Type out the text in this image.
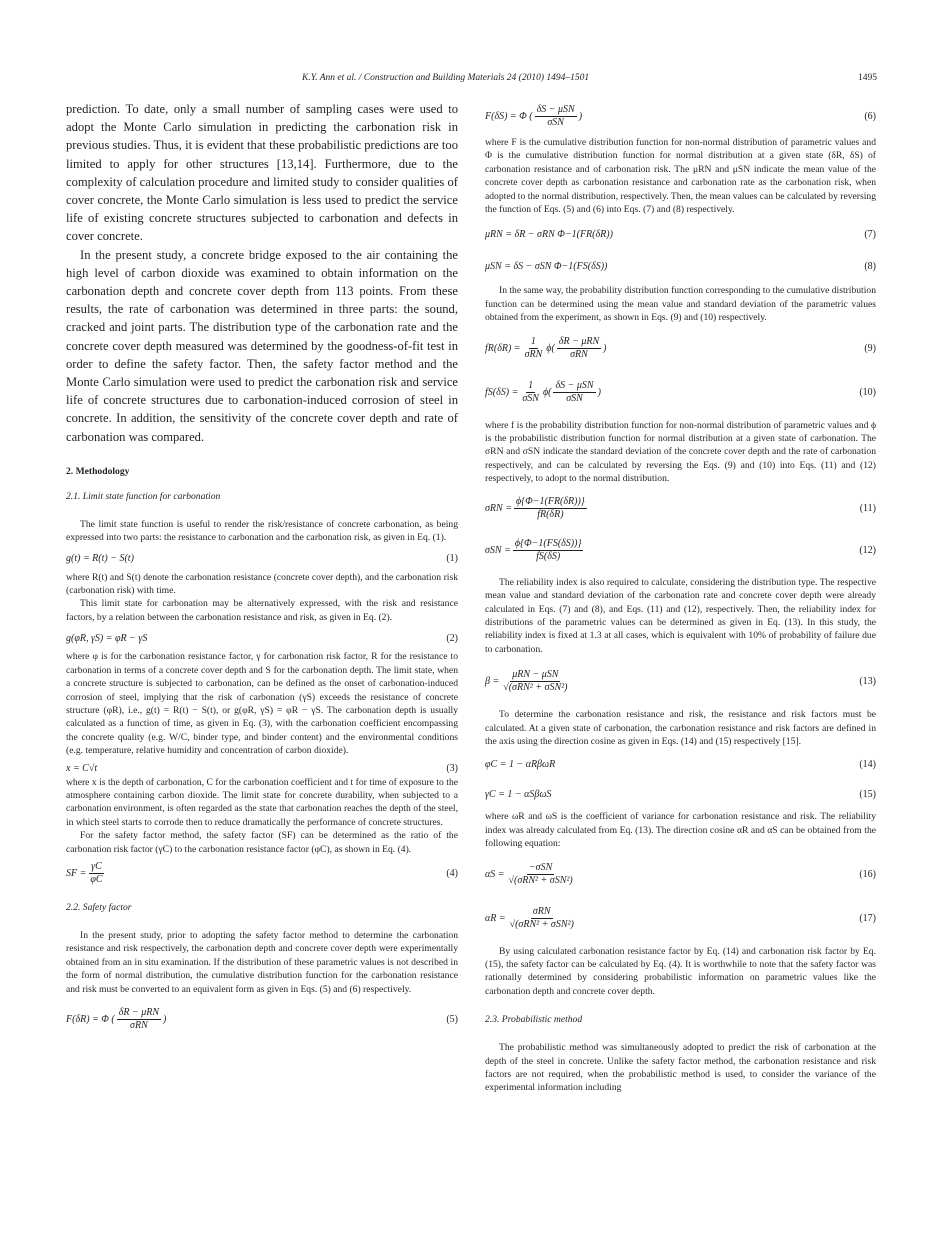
K.Y. Ann et al. / Construction and Building Materials 24 (2010) 1494–1501	1495

prediction. To date, only a small number of sampling cases were used to adopt the Monte Carlo simulation in predicting the carbonation risk in previous studies. Thus, it is evident that these probabilistic predictions are too limited to apply for other structures [13,14]. Furthermore, due to the complexity of calculation procedure and limited study to consider qualities of cover concrete, the Monte Carlo simulation is less used to predict the service life of existing concrete structures subjected to carbonation and defects in cover concrete.

In the present study, a concrete bridge exposed to the air containing the high level of carbon dioxide was examined to obtain information on the carbonation depth and concrete cover depth from 113 points. From these results, the rate of carbonation was determined in three parts: the sound, cracked and joint parts. The distribution type of the carbonation rate and the concrete cover depth measured was determined by the goodness-of-fit test in order to define the safety factor. Then, the safety factor method and the Monte Carlo simulation were used to predict the carbonation risk and service life of concrete structures due to carbonation-induced corrosion of steel in concrete. In addition, the sensitivity of the concrete cover depth and rate of carbonation was compared.

2. Methodology

2.1. Limit state function for carbonation

The limit state function is useful to render the risk/resistance of concrete carbonation, as being expressed into two parts: the resistance to carbonation and the carbonation risk, as given in Eq. (1).

g(t) = R(t) − S(t)	(1)

where R(t) and S(t) denote the carbonation resistance (concrete cover depth), and the carbonation risk (carbonation risk) with time.

This limit state for carbonation may be alternatively expressed, with the risk and resistance factors, by a relation between the carbonation resistance and risk, as given in Eq. (2).

g(φR, γS) = φR − γS	(2)

where φ is for the carbonation resistance factor, γ for carbonation risk factor, R for the resistance to carbonation in terms of a concrete cover depth and S for the carbonation depth. The limit state, when a concrete structure is subjected to carbonation, can be defined as the onset of carbonation-induced corrosion of steel, implying that the risk of carbonation (γS) exceeds the resistance of concrete structure (φR), i.e., g(t) = R(t) − S(t), or g(φR, γS) = φR − γS. The carbonation depth is usually calculated as a function of time, as given in Eq. (3), with the carbonation coefficient encompassing the concrete quality (e.g. W/C, binder type, and binder content) and the environmental conditions (e.g. temperature, relative humidity and concentration of carbon dioxide).

x = C√t	(3)

where x is the depth of carbonation, C for the carbonation coefficient and t for time of exposure to the atmosphere containing carbon dioxide. The limit state for concrete durability, when subjected to a carbonation environment, is often regarded as the state that carbonation reaches the depth of the steel, in which steel starts to corrode then to reduce dramatically the performance of concrete structures.

For the safety factor method, the safety factor (SF) can be determined as the ratio of the carbonation risk factor (γC) to the carbonation resistance factor (φC), as shown in Eq. (4).

SF = $\frac{\gamma C}{\varphi C}$	(4)

2.2. Safety factor

In the present study, prior to adopting the safety factor method to determine the carbonation resistance and risk respectively, the carbonation depth and concrete cover depth were experimentally obtained from an in situ examination. If the distribution of these parametric values is not described in the form of normal distribution, the cumulative distribution function for the carbonation resistance and risk must be converted to an equivalent form as given in Eqs. (5) and (6) respectively.

F(δR) = Φ ( $\frac{\text{δR − μRN}}{\text{σRN}}$ )	(5)
F(δS) = Φ ( $\frac{\text{δS − μSN}}{\text{σSN}}$ )	(6)

where F is the cumulative distribution function for non-normal distribution of parametric values and Φ is the cumulative distribution function for normal distribution at a given state (δR, δS) of carbonation resistance and of carbonation risk. The μRN and μSN indicate the mean value of the concrete cover depth as carbonation resistance and carbonation rate as the carbonation risk, when adopted to the normal distribution, respectively. Then, the mean values can be calculated by reversing the function of Eqs. (5) and (6) into Eqs. (7) and (8) respectively.

μRN = δR − σRN Φ−1(FR(δR))	(7)
μSN = δS − σSN Φ−1(FS(δS))	(8)

In the same way, the probability distribution function corresponding to the cumulative distribution function can be determined using the mean value and standard deviation of the parametric values obtained from the experiment, as shown in Eqs. (9) and (10) respectively.

$fR(\delta R) = \frac{1}{\text{σRN}} \phi( \frac{\text{δR − μRN}}{\text{σRN}}$ )	(9)
$fS(\delta S) = \frac{1}{\text{σSN}} \phi( \frac{\text{δS − μSN}}{\text{σSN}}$ )	(10)

where f is the probability distribution function for non-normal distribution of parametric values and ϕ is the probabilistic distribution function for normal distribution at a given state of carbonation. The σRN and σSN indicate the standard deviation of the concrete cover depth and the rate of carbonation respectively, and can be calculated by reversing the Eqs. (9) and (10) into Eqs. (11) and (12) respectively, to adopt to the normal distribution.

$\sigma RN = \frac{\phi\{\Phi-1(FR(\delta R))\}}{fR(\delta R)}$	(11)
$\sigma SN = \frac{\phi\{\Phi-1(FS(\delta S))\}}{fS(\delta S)}$	(12)

The reliability index is also required to calculate, considering the distribution type. The respective mean value and standard deviation of the carbonation rate and concrete cover depth were already calculated in Eqs. (7) and (8), and Eqs. (11) and (12), respectively. Then, the reliability index for distributions of the parametric values can be determined as given in Eq. (13). In this study, the reliability index is fixed at 1.3 at all cases, which is equivalent with 10% of probability of failure due to carbonation.

$\beta = \frac{\text{μRN − μSN}}{\text{√(σRN² + σSN²)}}$	(13)

To determine the carbonation resistance and risk, the resistance and risk factors must be calculated. At a given state of carbonation, the carbonation resistance and risk factors are defined in the axis using the direction cosine as given in Eqs. (14) and (15) respectively [15].

φC = 1 − αRβωR	(14)
γC = 1 − αSβωS	(15)

where ωR and ωS is the coefficient of variance for carbonation resistance and risk. The reliability index was already calculated from Eq. (13). The direction cosine αR and αS can be obtained from the following equation:

$\alpha S = \frac{\text{−σSN}}{\text{√(σRN² + σSN²)}}$	(16)
$\alpha R = \frac{\text{σRN}}{\text{√(σRN² + σSN²)}}$	(17)

By using calculated carbonation resistance factor by Eq. (14) and carbonation risk factor by Eq. (15), the safety factor can be calculated by Eq. (4). It is worthwhile to note that the safety factor was rationally determined by considering probabilistic information on parametric values like the carbonation depth and concrete cover depth.

2.3. Probabilistic method

The probabilistic method was simultaneously adopted to predict the risk of carbonation at the depth of the steel in concrete. Unlike the safety factor method, the carbonation resistance and risk factors are not required, when the probabilistic method is used, to consider the variance of the experimental information including
